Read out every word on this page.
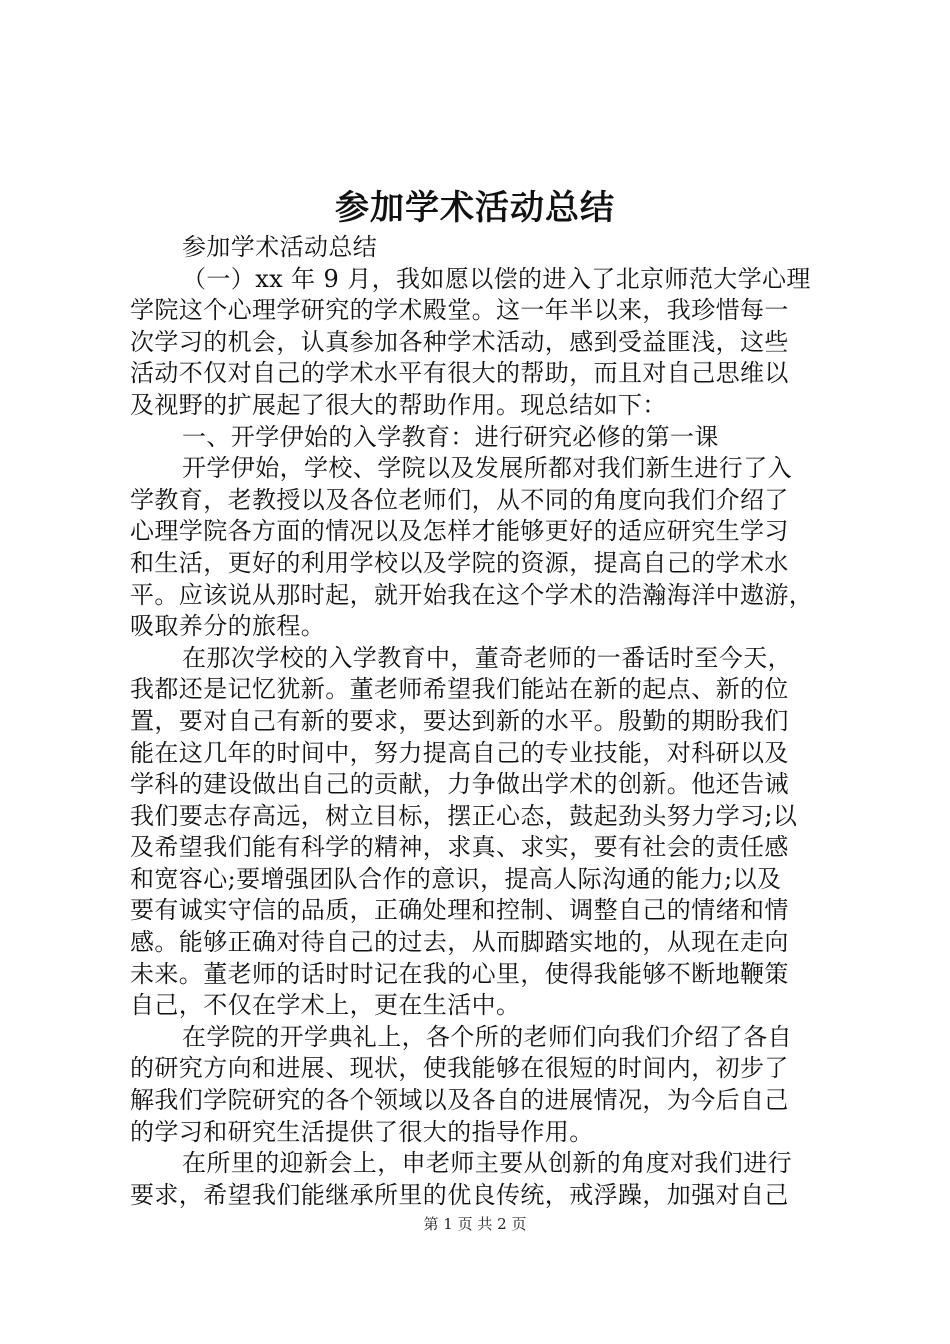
参加学术活动总结
参加学术活动总结
（一）xx 年 9 月，我如愿以偿的进入了北京师范大学心理
学院这个心理学研究的学术殿堂。这一年半以来，我珍惜每一
次学习的机会，认真参加各种学术活动，感到受益匪浅，这些
活动不仅对自己的学术水平有很大的帮助，而且对自己思维以
及视野的扩展起了很大的帮助作用。现总结如下：
一、开学伊始的入学教育：进行研究必修的第一课
开学伊始，学校、学院以及发展所都对我们新生进行了入
学教育，老教授以及各位老师们，从不同的角度向我们介绍了
心理学院各方面的情况以及怎样才能够更好的适应研究生学习
和生活，更好的利用学校以及学院的资源，提高自己的学术水
平。应该说从那时起，就开始我在这个学术的浩瀚海洋中遨游，
吸取养分的旅程。
在那次学校的入学教育中，董奇老师的一番话时至今天，
我都还是记忆犹新。董老师希望我们能站在新的起点、新的位
置，要对自己有新的要求，要达到新的水平。殷勤的期盼我们
能在这几年的时间中，努力提高自己的专业技能，对科研以及
学科的建设做出自己的贡献，力争做出学术的创新。他还告诫
我们要志存高远，树立目标，摆正心态，鼓起劲头努力学习;以
及希望我们能有科学的精神，求真、求实，要有社会的责任感
和宽容心;要增强团队合作的意识，提高人际沟通的能力;以及
要有诚实守信的品质，正确处理和控制、调整自己的情绪和情
感。能够正确对待自己的过去，从而脚踏实地的，从现在走向
未来。董老师的话时时记在我的心里，使得我能够不断地鞭策
自己，不仅在学术上，更在生活中。
在学院的开学典礼上，各个所的老师们向我们介绍了各自
的研究方向和进展、现状，使我能够在很短的时间内，初步了
解我们学院研究的各个领域以及各自的进展情况，为今后自己
的学习和研究生活提供了很大的指导作用。
在所里的迎新会上，申老师主要从创新的角度对我们进行
要求，希望我们能继承所里的优良传统，戒浮躁，加强对自己
第 1 页 共 2 页
